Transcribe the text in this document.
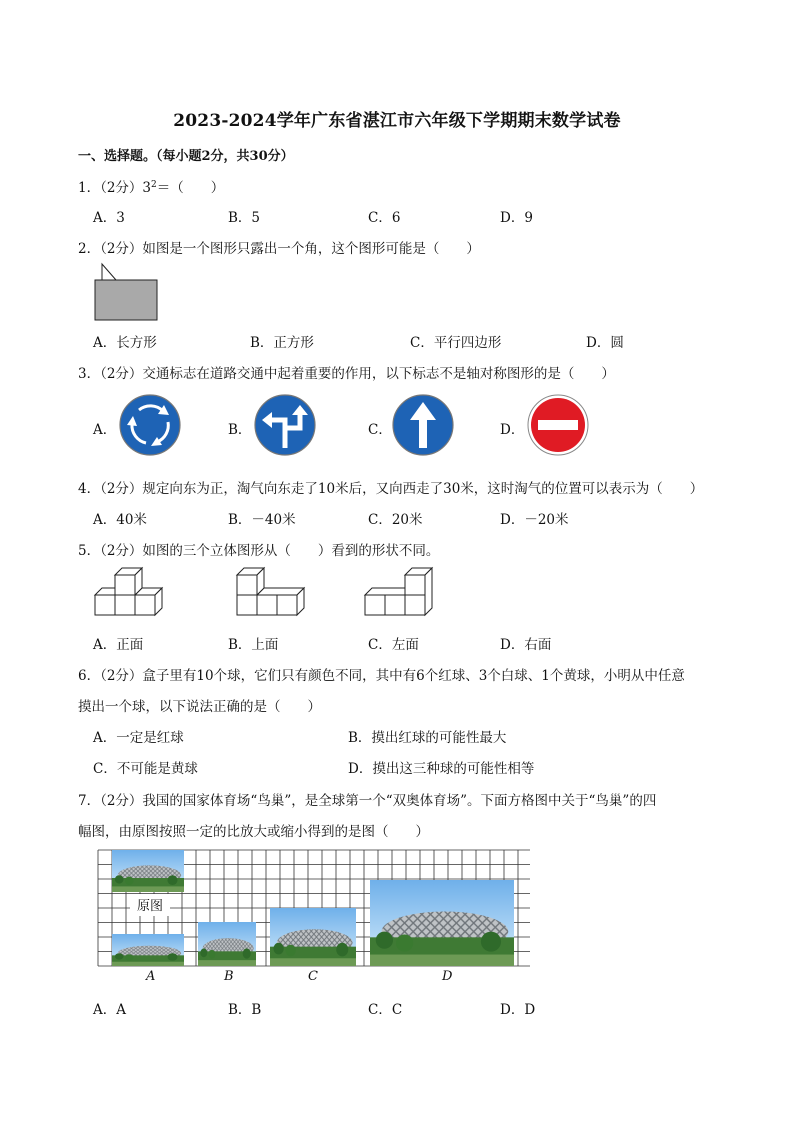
2023-2024学年广东省湛江市六年级下学期期末数学试卷
一、选择题。（每小题2分，共30分）
1．（2分）$3^2=$（　　）
A．3	B．5	C．6	D．9
2．（2分）如图是一个图形只露出一个角，这个图形可能是（　　）
A．长方形	B．正方形	C．平行四边形	D．圆
3．（2分）交通标志在道路交通中起着重要的作用，以下标志不是轴对称图形的是（　　）
A．	B．	C．	D．
4．（2分）规定向东为正，淘气向东走了10米后，又向西走了30米，这时淘气的位置可以表示为（　　）
A．40米	B．－40米	C．20米	D．－20米
5．（2分）如图的三个立体图形从（　　）看到的形状不同。
A．正面	B．上面	C．左面	D．右面
6．（2分）盒子里有10个球，它们只有颜色不同，其中有6个红球、3个白球、1个黄球，小明从中任意
摸出一个球，以下说法正确的是（　　）
A．一定是红球	B．摸出红球的可能性最大
C．不可能是黄球	D．摸出这三种球的可能性相等
7．（2分）我国的国家体育场“鸟巢”，是全球第一个“双奥体育场”。下面方格图中关于“鸟巢”的四
幅图，由原图按照一定的比放大或缩小得到的是图（　　）
原图
A	B	C	D
A．A	B．B	C．C	D．D
